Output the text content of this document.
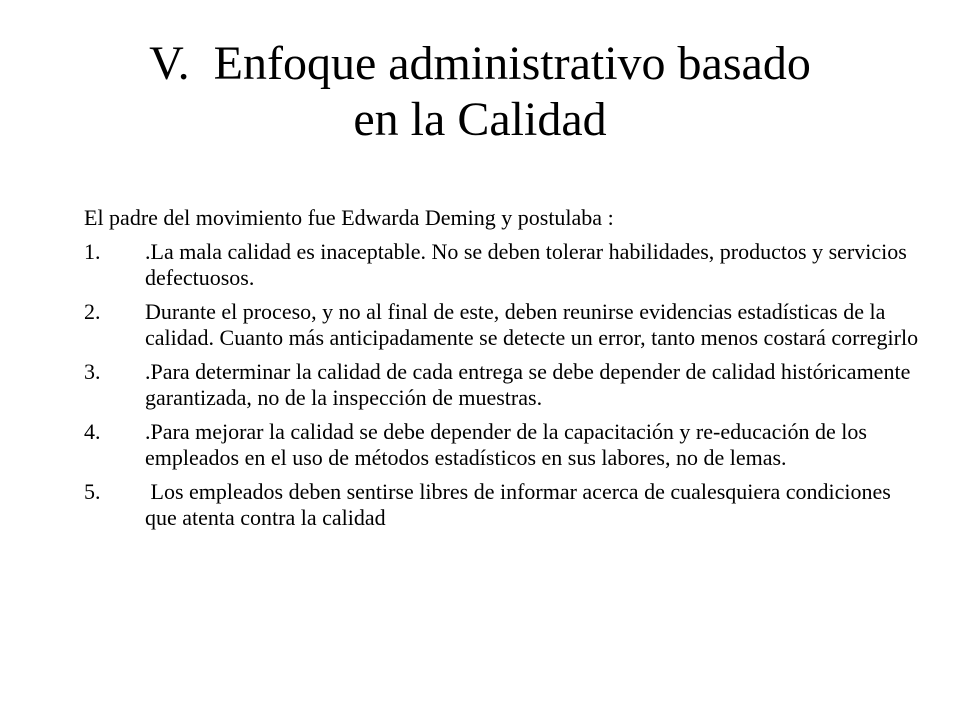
V. Enfoque administrativo basado
en la Calidad

El padre del movimiento fue Edwarda Deming y postulaba :

1.	.La mala calidad es inaceptable. No se deben tolerar habilidades, productos y servicios defectuosos.
2.	Durante el proceso, y no al final de este, deben reunirse evidencias estadísticas de la calidad. Cuanto más anticipadamente se detecte un error, tanto menos costará corregirlo
3.	.Para determinar la calidad de cada entrega se debe depender de calidad históricamente garantizada, no de la inspección de muestras.
4.	.Para mejorar la calidad se debe depender de la capacitación y re-educación de los empleados en el uso de métodos estadísticos en sus labores, no de lemas.
5.	Los empleados deben sentirse libres de informar acerca de cualesquiera condiciones que atenta contra la calidad
